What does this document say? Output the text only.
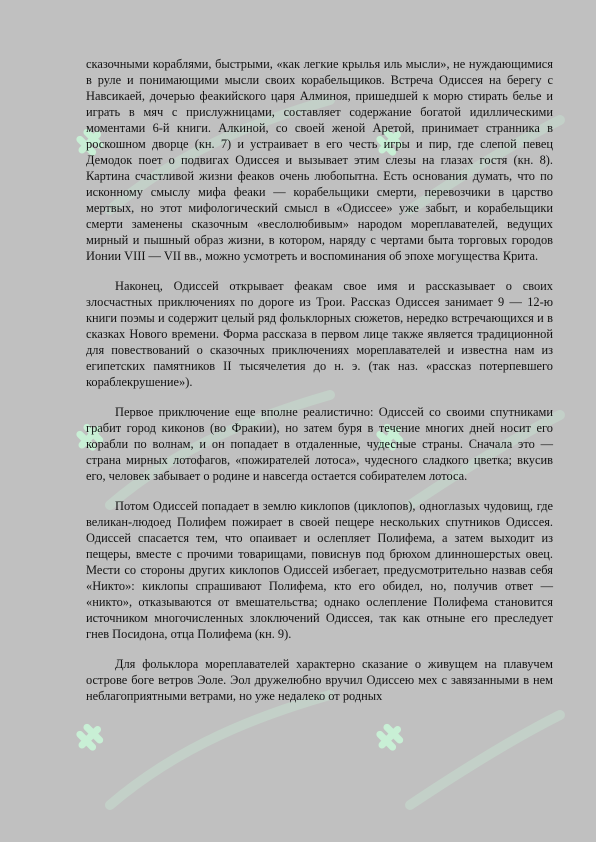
сказочными кораблями, быстрыми, «как легкие крылья иль мысли», не нуждающимися в руле и понимающими мысли своих корабельщиков. Встреча Одиссея на берегу с Навсикаей, дочерью феакийского царя Алминоя, пришедшей к морю стирать белье и играть в мяч с прислужницами, составляет содержание богатой идиллическими моментами 6-й книги. Алкиной, со своей женой Аретой, принимает странника в роскошном дворце (кн. 7) и устраивает в его честь игры и пир, где слепой певец Демодок поет о подвигах Одиссея и вызывает этим слезы на глазах гостя (кн. 8). Картина счастливой жизни феаков очень любопытна. Есть основания думать, что по исконному смыслу мифа феаки — корабельщики смерти, перевозчики в царство мертвых, но этот мифологический смысл в «Одиссее» уже забыт, и корабельщики смерти заменены сказочным «веслолюбивым» народом мореплавателей, ведущих мирный и пышный образ жизни, в котором, наряду с чертами быта торговых городов Ионии VIII — VII вв., можно усмотреть и воспоминания об эпохе могущества Крита.

Наконец, Одиссей открывает феакам свое имя и рассказывает о своих злосчастных приключениях по дороге из Трои. Рассказ Одиссея занимает 9 — 12-ю книги поэмы и содержит целый ряд фольклорных сюжетов, нередко встречающихся и в сказках Нового времени. Форма рассказа в первом лице также является традиционной для повествований о сказочных приключениях мореплавателей и известна нам из египетских памятников II тысячелетия до н. э. (так наз. «рассказ потерпевшего кораблекрушение»).

Первое приключение еще вполне реалистично: Одиссей со своими спутниками грабит город киконов (во Фракии), но затем буря в течение многих дней носит его корабли по волнам, и он попадает в отдаленные, чудесные страны. Сначала это — страна мирных лотофагов, «пожирателей лотоса», чудесного сладкого цветка; вкусив его, человек забывает о родине и навсегда остается собирателем лотоса.

Потом Одиссей попадает в землю киклопов (циклопов), одноглазых чудовищ, где великан-людоед Полифем пожирает в своей пещере нескольких спутников Одиссея. Одиссей спасается тем, что опаивает и ослепляет Полифема, а затем выходит из пещеры, вместе с прочими товарищами, повиснув под брюхом длинношерстых овец. Мести со стороны других киклопов Одиссей избегает, предусмотрительно назвав себя «Никто»: киклопы спрашивают Полифема, кто его обидел, но, получив ответ — «никто», отказываются от вмешательства; однако ослепление Полифема становится источником многочисленных злоключений Одиссея, так как отныне его преследует гнев Посидона, отца Полифема (кн. 9).

Для фольклора мореплавателей характерно сказание о живущем на плавучем острове боге ветров Эоле. Эол дружелюбно вручил Одиссею мех с завязанными в нем неблагоприятными ветрами, но уже недалеко от родных
